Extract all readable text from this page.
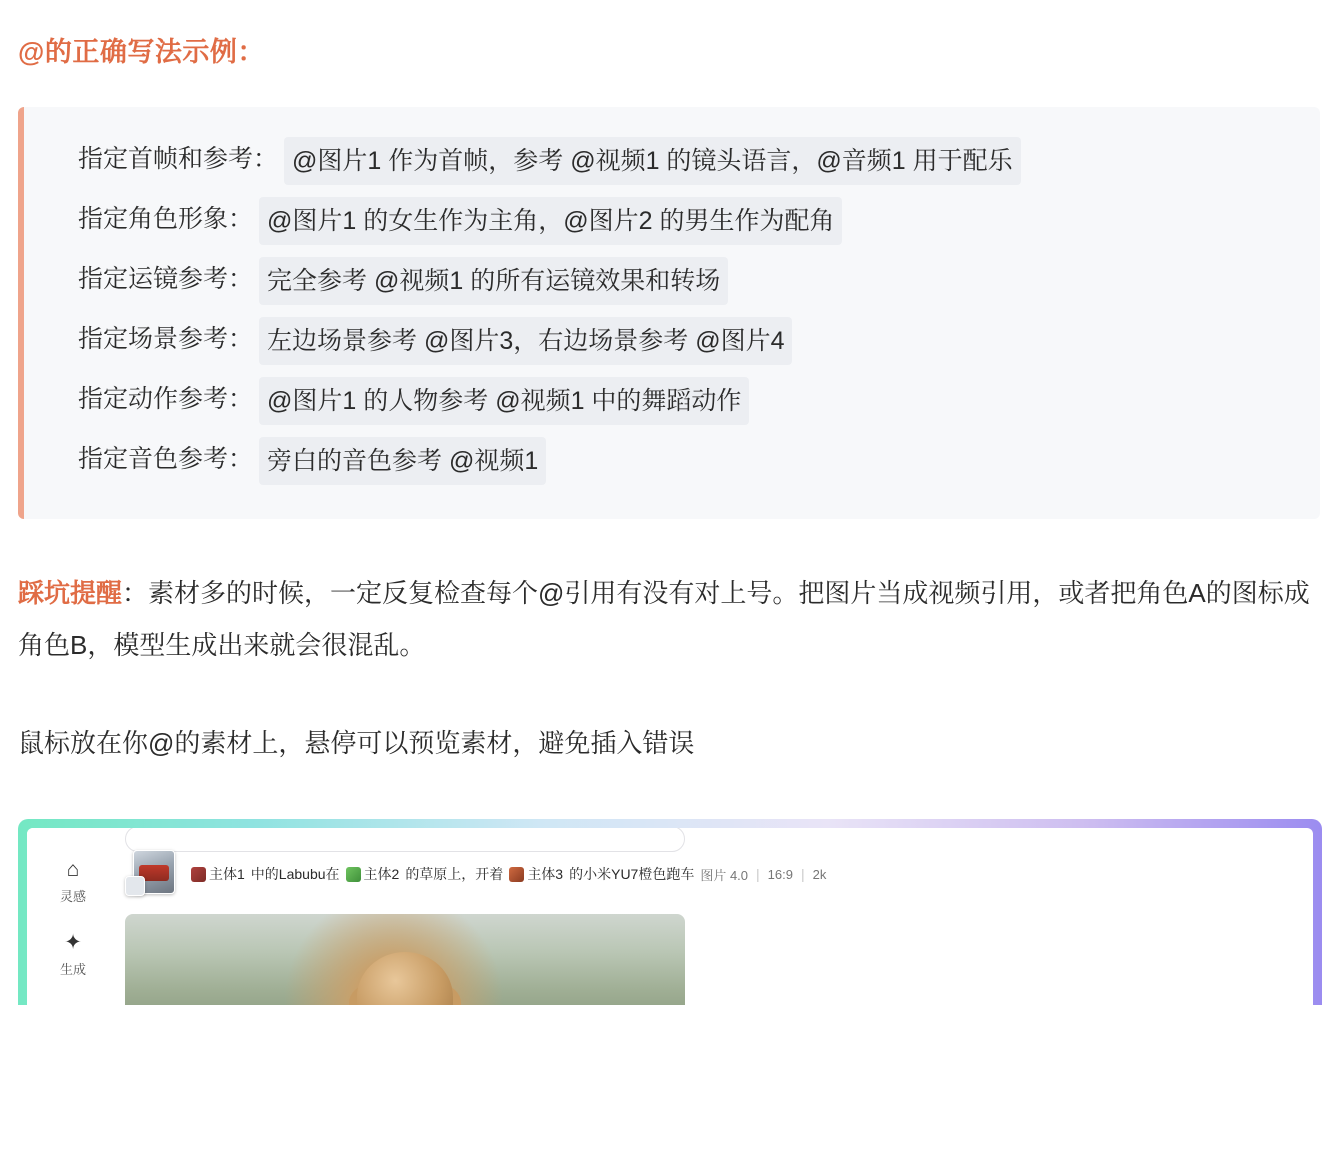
@的正确写法示例：
指定首帧和参考： @图片1 作为首帧，参考 @视频1 的镜头语言，@音频1 用于配乐
指定角色形象： @图片1 的女生作为主角，@图片2 的男生作为配角
指定运镜参考： 完全参考 @视频1 的所有运镜效果和转场
指定场景参考： 左边场景参考 @图片3，右边场景参考 @图片4
指定动作参考： @图片1 的人物参考 @视频1 中的舞蹈动作
指定音色参考： 旁白的音色参考 @视频1

踩坑提醒：素材多的时候，一定反复检查每个@引用有没有对上号。把图片当成视频引用，或者把角色A的图标成角色B，模型生成出来就会很混乱。

鼠标放在你@的素材上，悬停可以预览素材，避免插入错误

⌂
灵感
✦
生成
主体1 中的Labubu在 主体2 的草原上，开着 主体3 的小米YU7橙色跑车 图片 4.0 | 16:9 | 2k
